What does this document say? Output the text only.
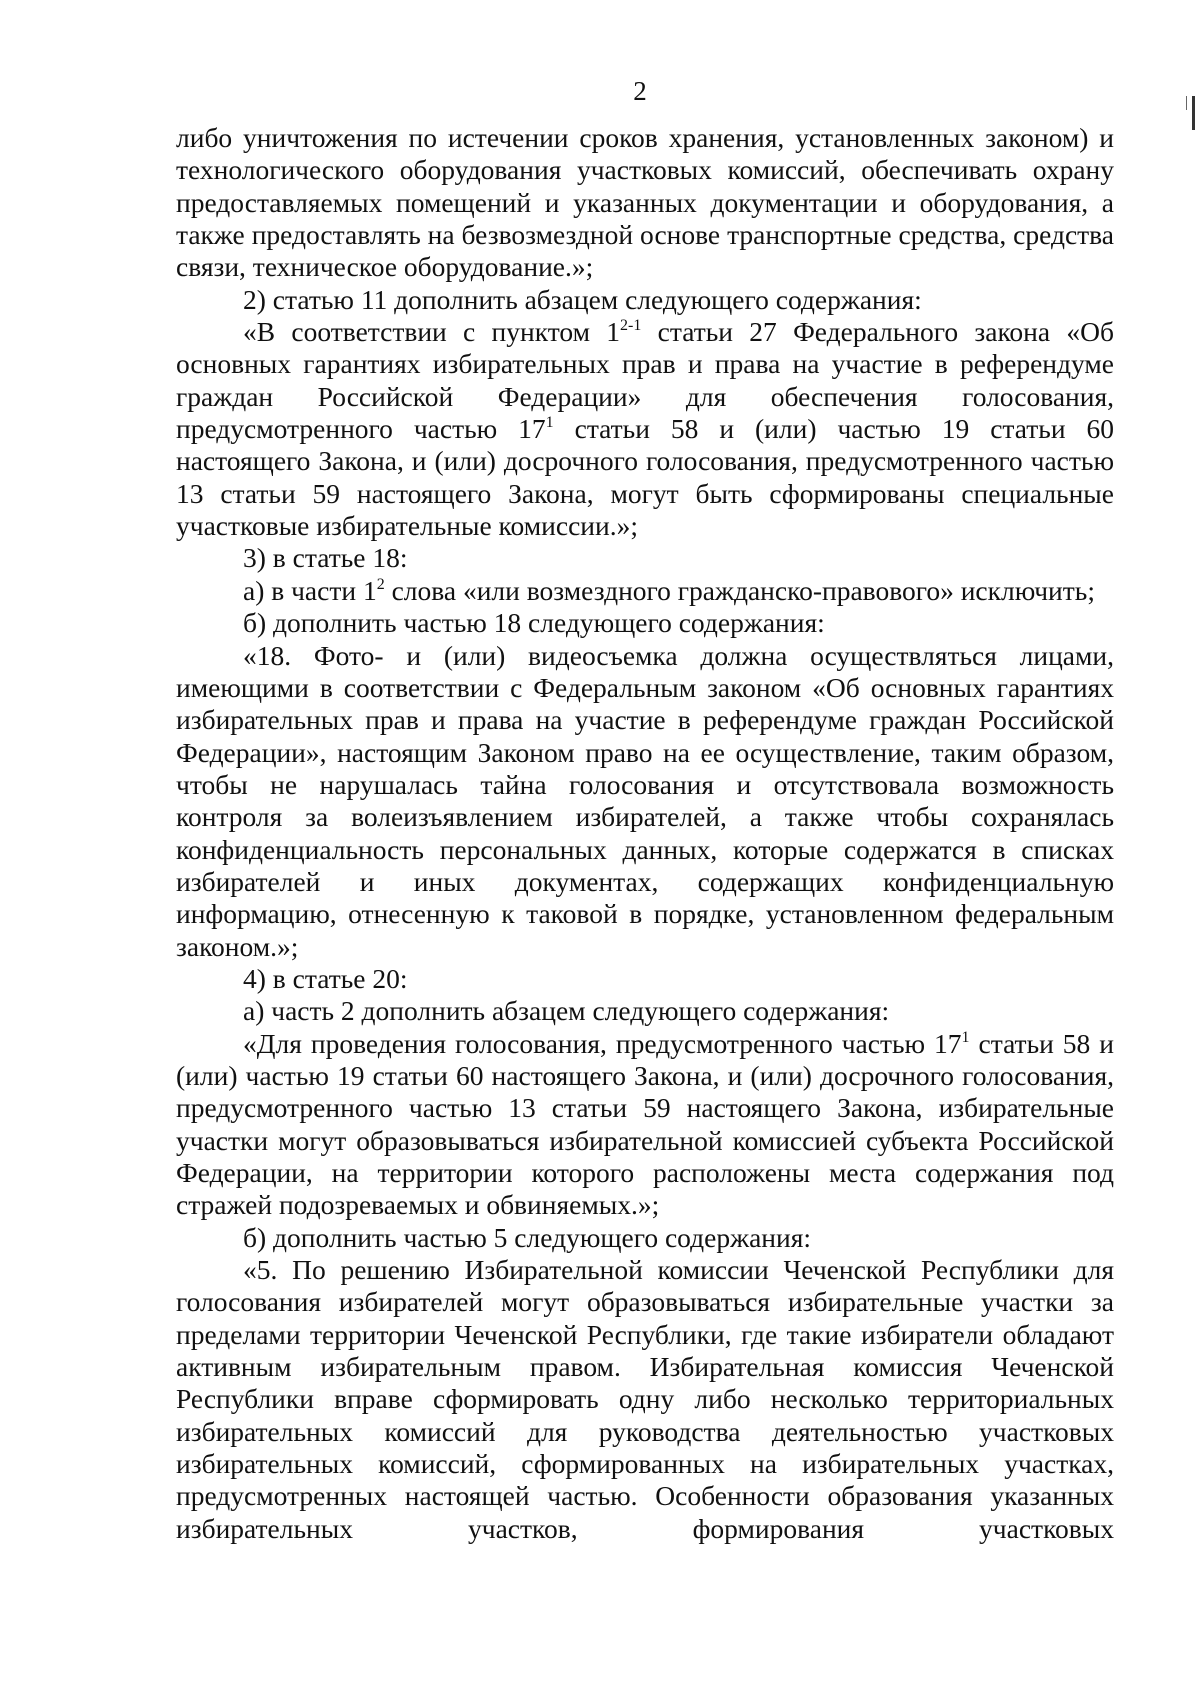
2

либо уничтожения по истечении сроков хранения, установленных законом) и технологического оборудования участковых комиссий, обеспечивать охрану предоставляемых помещений и указанных документации и оборудования, а также предоставлять на безвозмездной основе транспортные средства, средства связи, техническое оборудование.»;

2) статью 11 дополнить абзацем следующего содержания:

«В соответствии с пунктом 1$^{2-1}$ статьи 27 Федерального закона «Об основных гарантиях избирательных прав и права на участие в референдуме граждан Российской Федерации» для обеспечения голосования, предусмотренного частью $17^1$ статьи 58 и (или) частью 19 статьи 60 настоящего Закона, и (или) досрочного голосования, предусмотренного частью 13 статьи 59 настоящего Закона, могут быть сформированы специальные участковые избирательные комиссии.»;

3) в статье 18:

а) в части $1^2$ слова «или возмездного гражданско-правового» исключить;

б) дополнить частью 18 следующего содержания:

«18. Фото- и (или) видеосъемка должна осуществляться лицами, имеющими в соответствии с Федеральным законом «Об основных гарантиях избирательных прав и права на участие в референдуме граждан Российской Федерации», настоящим Законом право на ее осуществление, таким образом, чтобы не нарушалась тайна голосования и отсутствовала возможность контроля за волеизъявлением избирателей, а также чтобы сохранялась конфиденциальность персональных данных, которые содержатся в списках избирателей и иных документах, содержащих конфиденциальную информацию, отнесенную к таковой в порядке, установленном федеральным законом.»;

4) в статье 20:

а) часть 2 дополнить абзацем следующего содержания:

«Для проведения голосования, предусмотренного частью $17^1$ статьи 58 и (или) частью 19 статьи 60 настоящего Закона, и (или) досрочного голосования, предусмотренного частью 13 статьи 59 настоящего Закона, избирательные участки могут образовываться избирательной комиссией субъекта Российской Федерации, на территории которого расположены места содержания под стражей подозреваемых и обвиняемых.»;

б) дополнить частью 5 следующего содержания:

«5. По решению Избирательной комиссии Чеченской Республики для голосования избирателей могут образовываться избирательные участки за пределами территории Чеченской Республики, где такие избиратели обладают активным избирательным правом. Избирательная комиссия Чеченской Республики вправе сформировать одну либо несколько территориальных избирательных комиссий для руководства деятельностью участковых избирательных комиссий, сформированных на избирательных участках, предусмотренных настоящей частью. Особенности образования указанных избирательных участков, формирования участковых
